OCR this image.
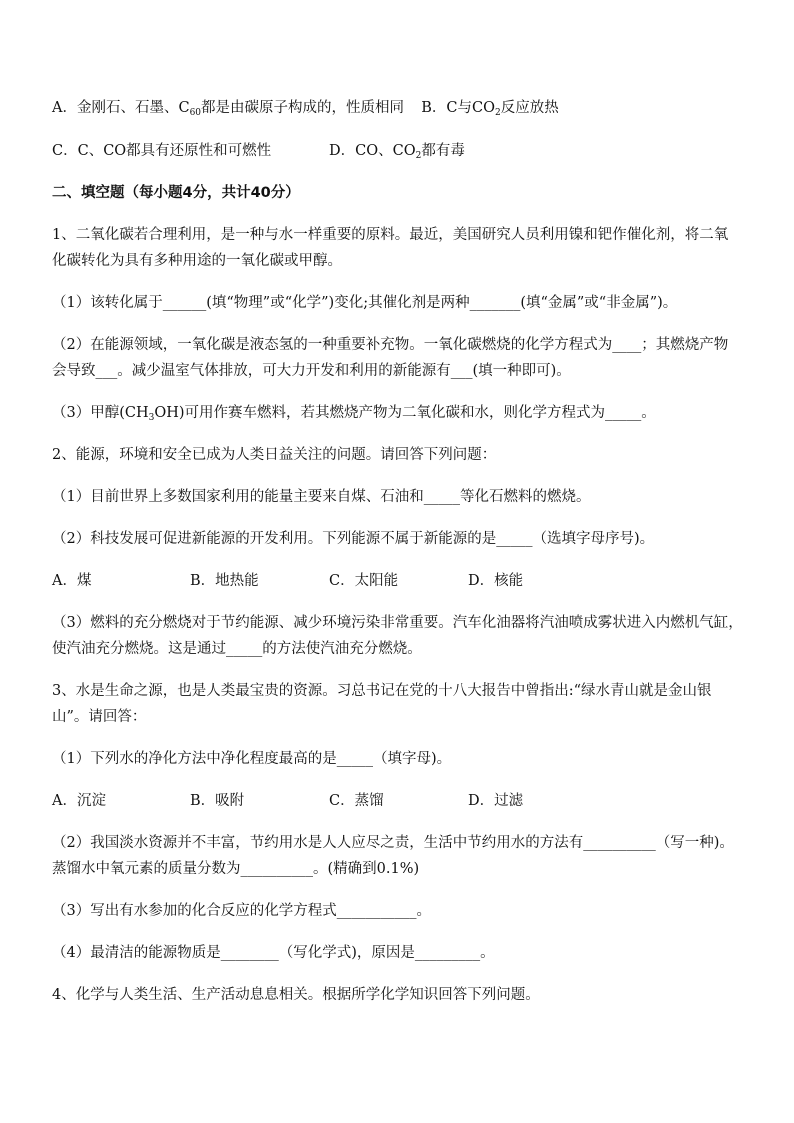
A．金刚石、石墨、$C_{60}$都是由碳原子构成的，性质相同 B．C与$CO_2$反应放热
C．C、CO都具有还原性和可燃性	D．CO、$CO_2$都有毒
二、填空题（每小题4分，共计40分）
1、二氧化碳若合理利用，是一种与水一样重要的原料。最近，美国研究人员利用镍和钯作催化剂，将二氧
化碳转化为具有多种用途的一氧化碳或甲醇。
（1）该转化属于______(填“物理”或“化学”)变化;其催化剂是两种_______(填“金属”或“非金属”)。
（2）在能源领域，一氧化碳是液态氢的一种重要补充物。一氧化碳燃烧的化学方程式为____；其燃烧产物
会导致___。减少温室气体排放，可大力开发和利用的新能源有___(填一种即可)。
（3）甲醇$(CH_3OH)$可用作赛车燃料，若其燃烧产物为二氧化碳和水，则化学方程式为_____。
2、能源，环境和安全已成为人类日益关注的问题。请回答下列问题：
（1）目前世界上多数国家利用的能量主要来自煤、石油和_____等化石燃料的燃烧。
（2）科技发展可促进新能源的开发利用。下列能源不属于新能源的是_____（选填字母序号)。
A．煤	B．地热能	C．太阳能	D．核能
（3）燃料的充分燃烧对于节约能源、减少环境污染非常重要。汽车化油器将汽油喷成雾状进入内燃机气缸，
使汽油充分燃烧。这是通过_____的方法使汽油充分燃烧。
3、水是生命之源，也是人类最宝贵的资源。习总书记在党的十八大报告中曾指出:“绿水青山就是金山银
山”。请回答：
（1）下列水的净化方法中净化程度最高的是_____（填字母)。
A．沉淀	B．吸附	C．蒸馏	D．过滤
（2）我国淡水资源并不丰富，节约用水是人人应尽之责，生活中节约用水的方法有__________（写一种)。
蒸馏水中氧元素的质量分数为__________。(精确到0.1%)
（3）写出有水参加的化合反应的化学方程式___________。
（4）最清洁的能源物质是________（写化学式)，原因是_________。
4、化学与人类生活、生产活动息息相关。根据所学化学知识回答下列问题。
